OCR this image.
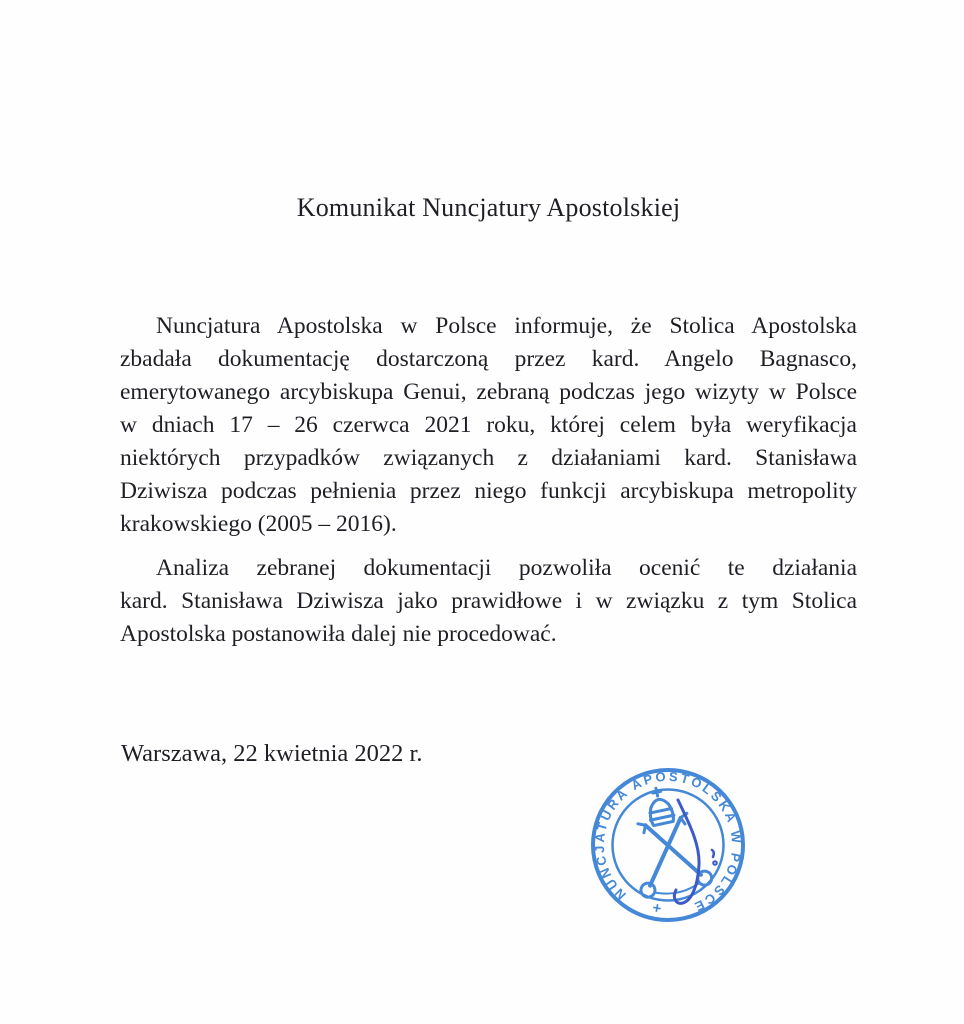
Komunikat Nuncjatury Apostolskiej
Nuncjatura Apostolska w Polsce informuje, że Stolica Apostolska
zbadała dokumentację dostarczoną przez kard. Angelo Bagnasco,
emerytowanego arcybiskupa Genui, zebraną podczas jego wizyty w Polsce
w dniach 17 – 26 czerwca 2021 roku, której celem była weryfikacja
niektórych przypadków związanych z działaniami kard. Stanisława
Dziwisza podczas pełnienia przez niego funkcji arcybiskupa metropolity
krakowskiego (2005 – 2016).
Analiza zebranej dokumentacji pozwoliła ocenić te działania
kard. Stanisława Dziwisza jako prawidłowe i w związku z tym Stolica
Apostolska postanowiła dalej nie procedować.
Warszawa, 22 kwietnia 2022 r.
NUNCJATURA APOSTOLSKA W POLSCE
+
